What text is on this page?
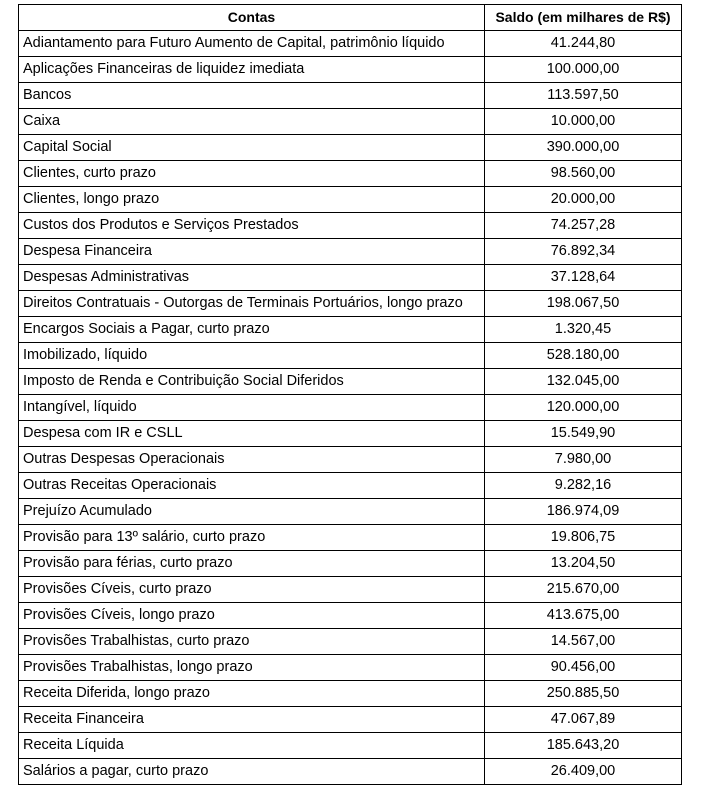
Contas	Saldo (em milhares de R$)
Adiantamento para Futuro Aumento de Capital, patrimônio líquido	41.244,80
Aplicações Financeiras de liquidez imediata	100.000,00
Bancos	113.597,50
Caixa	10.000,00
Capital Social	390.000,00
Clientes, curto prazo	98.560,00
Clientes, longo prazo	20.000,00
Custos dos Produtos e Serviços Prestados	74.257,28
Despesa Financeira	76.892,34
Despesas Administrativas	37.128,64
Direitos Contratuais - Outorgas de Terminais Portuários, longo prazo	198.067,50
Encargos Sociais a Pagar, curto prazo	1.320,45
Imobilizado, líquido	528.180,00
Imposto de Renda e Contribuição Social Diferidos	132.045,00
Intangível, líquido	120.000,00
Despesa com IR e CSLL	15.549,90
Outras Despesas Operacionais	7.980,00
Outras Receitas Operacionais	9.282,16
Prejuízo Acumulado	186.974,09
Provisão para 13º salário, curto prazo	19.806,75
Provisão para férias, curto prazo	13.204,50
Provisões Cíveis, curto prazo	215.670,00
Provisões Cíveis, longo prazo	413.675,00
Provisões Trabalhistas, curto prazo	14.567,00
Provisões Trabalhistas, longo prazo	90.456,00
Receita Diferida, longo prazo	250.885,50
Receita Financeira	47.067,89
Receita Líquida	185.643,20
Salários a pagar, curto prazo	26.409,00
